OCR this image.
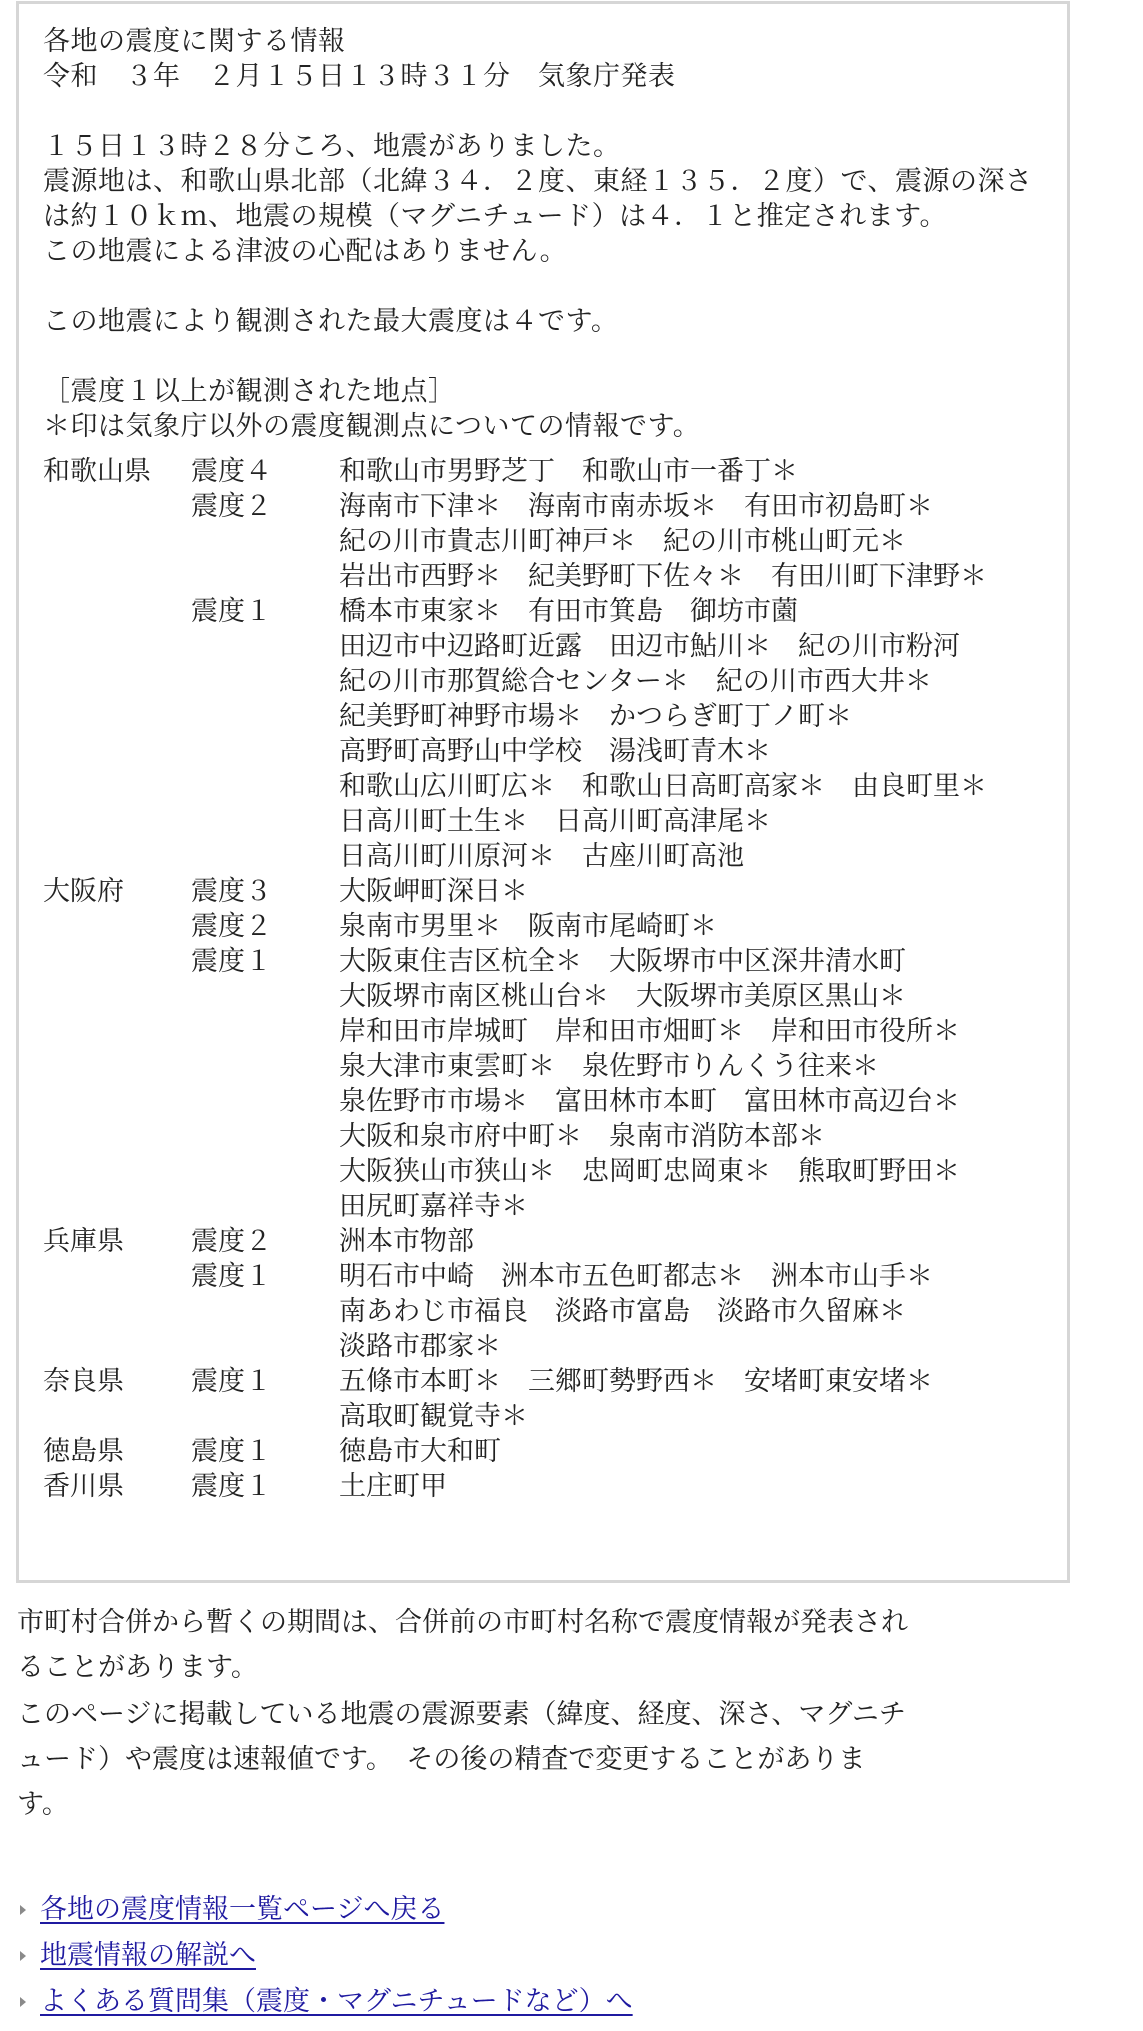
各地の震度に関する情報
令和　３年　２月１５日１３時３１分　気象庁発表
１５日１３時２８分ころ、地震がありました。
震源地は、和歌山県北部（北緯３４．２度、東経１３５．２度）で、震源の深さは約１０ｋｍ、地震の規模（マグニチュード）は４．１と推定されます。
この地震による津波の心配はありません。
この地震により観測された最大震度は４です。
［震度１以上が観測された地点］
＊印は気象庁以外の震度観測点についての情報です。
和歌山県	震度４	和歌山市男野芝丁　和歌山市一番丁＊
震度２	海南市下津＊　海南市南赤坂＊　有田市初島町＊
紀の川市貴志川町神戸＊　紀の川市桃山町元＊
岩出市西野＊　紀美野町下佐々＊　有田川町下津野＊
震度１	橋本市東家＊　有田市箕島　御坊市薗
田辺市中辺路町近露　田辺市鮎川＊　紀の川市粉河
紀の川市那賀総合センター＊　紀の川市西大井＊
紀美野町神野市場＊　かつらぎ町丁ノ町＊
高野町高野山中学校　湯浅町青木＊
和歌山広川町広＊　和歌山日高町高家＊　由良町里＊
日高川町土生＊　日高川町高津尾＊
日高川町川原河＊　古座川町高池
大阪府	震度３	大阪岬町深日＊
震度２	泉南市男里＊　阪南市尾崎町＊
震度１	大阪東住吉区杭全＊　大阪堺市中区深井清水町
大阪堺市南区桃山台＊　大阪堺市美原区黒山＊
岸和田市岸城町　岸和田市畑町＊　岸和田市役所＊
泉大津市東雲町＊　泉佐野市りんくう往来＊
泉佐野市市場＊　富田林市本町　富田林市高辺台＊
大阪和泉市府中町＊　泉南市消防本部＊
大阪狭山市狭山＊　忠岡町忠岡東＊　熊取町野田＊
田尻町嘉祥寺＊
兵庫県	震度２	洲本市物部
震度１	明石市中崎　洲本市五色町都志＊　洲本市山手＊
南あわじ市福良　淡路市富島　淡路市久留麻＊
淡路市郡家＊
奈良県	震度１	五條市本町＊　三郷町勢野西＊　安堵町東安堵＊
高取町観覚寺＊
徳島県	震度１	徳島市大和町
香川県	震度１	土庄町甲

市町村合併から暫くの期間は、合併前の市町村名称で震度情報が発表されることがあります。

このページに掲載している地震の震源要素（緯度、経度、深さ、マグニチュード）や震度は速報値です。　その後の精査で変更することがあります。

各地の震度情報一覧ページへ戻る
地震情報の解説へ
よくある質問集（震度・マグニチュードなど）へ
